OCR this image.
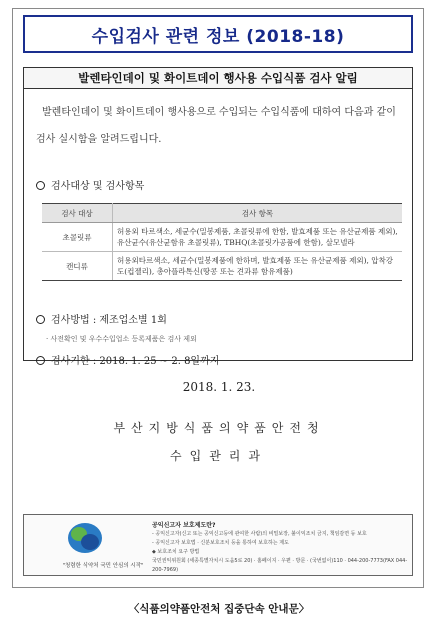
수입검사 관련 정보 (2018-18)
발렌타인데이 및 화이트데이 행사용 수입식품 검사 알림
발렌타인데이 및 화이트데이 행사용으로 수입되는 수입식품에 대하여 다음과 같이 검사 실시함을 알려드립니다.
검사대상 및 검사항목
검사 대상	검사 항목
초콜릿류	허용외 타르색소, 세균수(밀봉제품, 초콜릿류에 한함, 발효제품 또는 유산균제품 제외), 유산균수(유산균함유 초콜릿류), TBHQ(초콜릿가공품에 한함), 살모넬라
캔디류	허용외타르색소, 세균수(밀봉제품에 한하며, 발효제품 또는 유산균제품 제외), 압착강도(컵젤리), 총아플라톡신(땅콩 또는 견과류 함유제품)
검사방법 : 제조업소별 1회
· 사전확인 및 우수수입업소 등록제품은 검사 제외
검사기한 : 2018. 1. 25 ~ 2. 8일까지
2018. 1. 23.
부산지방식품의약품안전청
수입관리과
"청렴한 식약처 국민 안심의 시작"
공익신고자 보호제도란?
- 공익신고자(신고 또는 공익신고등에 관여한 사람)의 비밀보장, 불이익조치 금지, 책임감면 등 보호
- 공익신고자 보호법 · 신분보호조치 등을 통하여 보호하는 제도
◆ 보호조치 요구 방법
국민권익위원회 (세종특별자치시 도움5로 20) · 홈페이지 · 우편 · 방문 · (국번없이)110 · 044-200-7773(FAX 044-200-7969)
〈식품의약품안전처 집중단속 안내문〉
